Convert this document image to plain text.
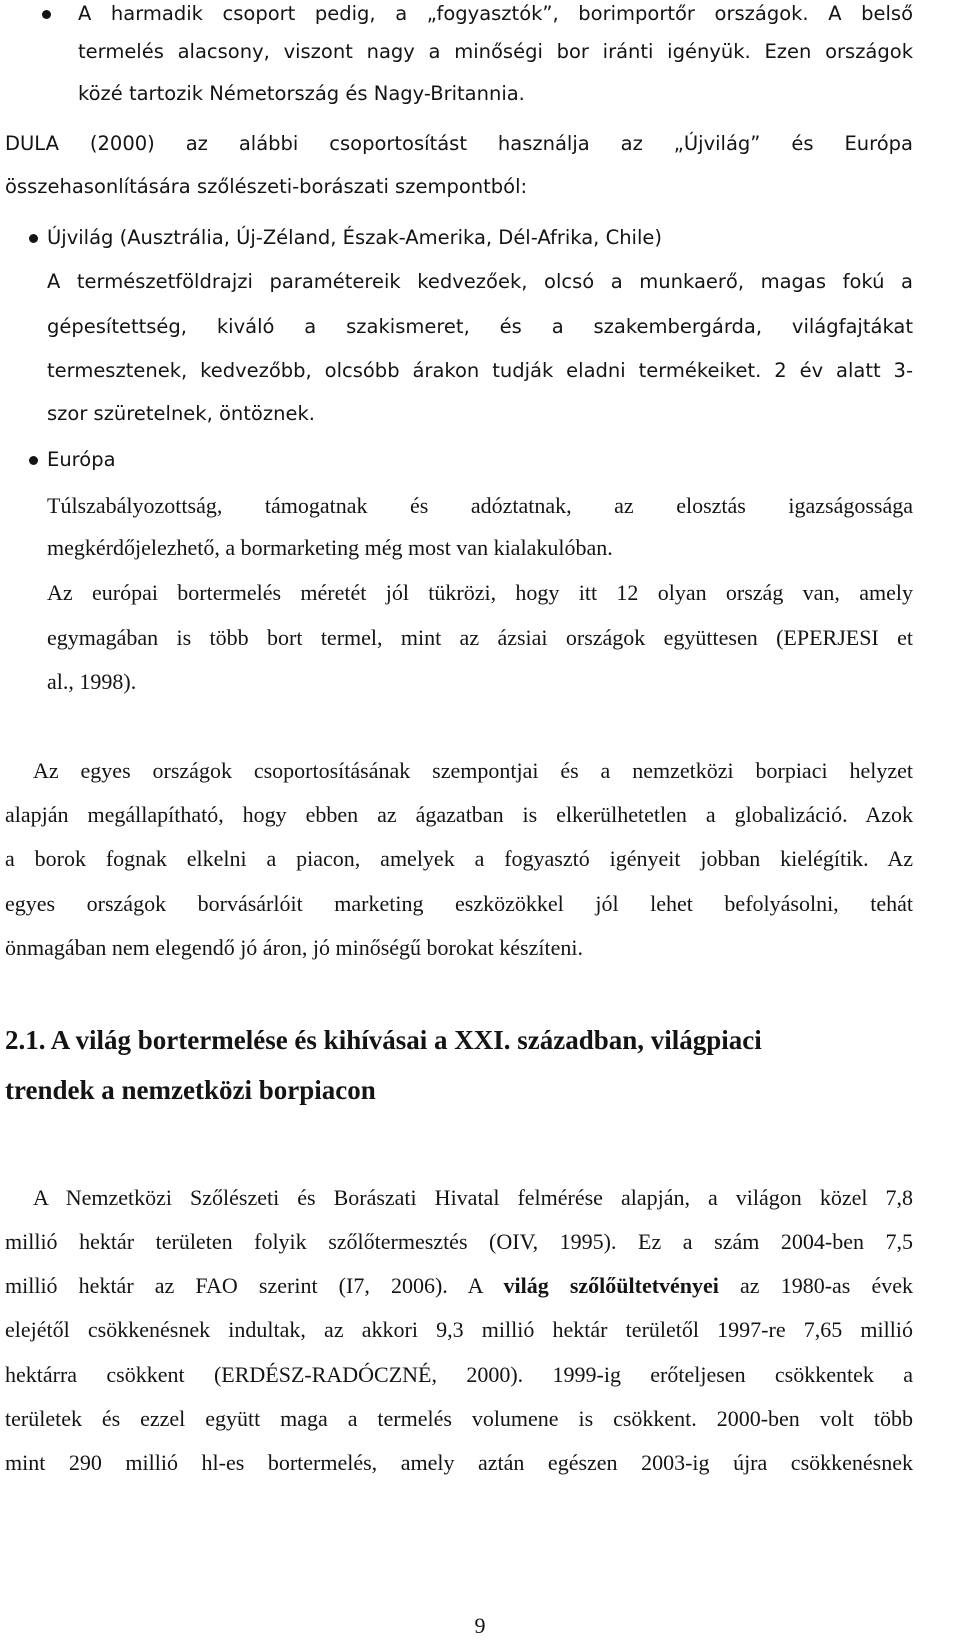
A harmadik csoport pedig, a „fogyasztók”, borimportőr országok. A belső
termelés alacsony, viszont nagy a minőségi bor iránti igényük. Ezen országok
közé tartozik Németország és Nagy-Britannia.
DULA (2000) az alábbi csoportosítást használja az „Újvilág” és Európa
összehasonlítására szőlészeti-borászati szempontból:
Újvilág (Ausztrália, Új-Zéland, Észak-Amerika, Dél-Afrika, Chile)
A természetföldrajzi paramétereik kedvezőek, olcsó a munkaerő, magas fokú a
gépesítettség, kiváló a szakismeret, és a szakembergárda, világfajtákat
termesztenek, kedvezőbb, olcsóbb árakon tudják eladni termékeiket. 2 év alatt 3-
szor szüretelnek, öntöznek.
Európa
Túlszabályozottság, támogatnak és adóztatnak, az elosztás igazságossága
megkérdőjelezhető, a bormarketing még most van kialakulóban.
Az európai bortermelés méretét jól tükrözi, hogy itt 12 olyan ország van, amely
egymagában is több bort termel, mint az ázsiai országok együttesen (EPERJESI et
al., 1998).
Az egyes országok csoportosításának szempontjai és a nemzetközi borpiaci helyzet
alapján megállapítható, hogy ebben az ágazatban is elkerülhetetlen a globalizáció. Azok
a borok fognak elkelni a piacon, amelyek a fogyasztó igényeit jobban kielégítik. Az
egyes országok borvásárlóit marketing eszközökkel jól lehet befolyásolni, tehát
önmagában nem elegendő jó áron, jó minőségű borokat készíteni.
2.1. A világ bortermelése és kihívásai a XXI. században, világpiaci
trendek a nemzetközi borpiacon
A Nemzetközi Szőlészeti és Borászati Hivatal felmérése alapján, a világon közel 7,8
millió hektár területen folyik szőlőtermesztés (OIV, 1995). Ez a szám 2004-ben 7,5
millió hektár az FAO szerint (I7, 2006). A világ szőlőültetvényei az 1980-as évek
elejétől csökkenésnek indultak, az akkori 9,3 millió hektár területől 1997-re 7,65 millió
hektárra csökkent (ERDÉSZ-RADÓCZNÉ, 2000). 1999-ig erőteljesen csökkentek a
területek és ezzel együtt maga a termelés volumene is csökkent. 2000-ben volt több
mint 290 millió hl-es bortermelés, amely aztán egészen 2003-ig újra csökkenésnek
9
